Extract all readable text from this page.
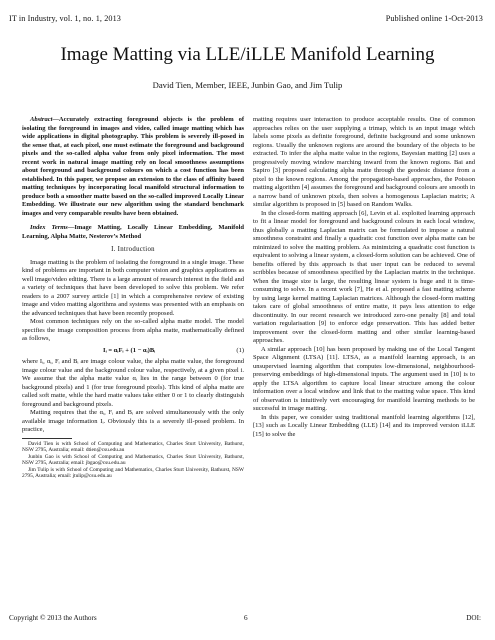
IT in Industry, vol. 1, no. 1, 2013	Published online 1-Oct-2013
Image Matting via LLE/iLLE Manifold Learning
David Tien, Member, IEEE, Junbin Gao, and Jim Tulip

Abstract—Accurately extracting foreground objects is the problem of isolating the foreground in images and video, called image matting which has wide applications in digital photography. This problem is severely ill-posed in the sense that, at each pixel, one must estimate the foreground and background pixels and the so-called alpha value from only pixel information. The most recent work in natural image matting rely on local smoothness assumptions about foreground and background colours on which a cost function has been established. In this paper, we propose an extension to the class of affinity based matting techniques by incorporating local manifold structural information to produce both a smoother matte based on the so-called improved Locally Linear Embedding. We illustrate our new algorithm using the standard benchmark images and very comparable results have been obtained.

Index Terms—Image Matting, Locally Linear Embedding, Manifold Learning, Alpha Matte, Nesterov’s Method

I. Introduction

Image matting is the problem of isolating the foreground in a single image. These kind of problems are important in both computer vision and graphics applications as well image/video editing. There is a large amount of research interest in the field and a variety of techniques that have been developed to solve this problem. We refer readers to a 2007 survey article [1] in which a comprehensive review of existing image and video matting algorithms and systems was presented with an emphasis on the advanced techniques that have been recently proposed.

Most common techniques rely on the so-called alpha matte model. The model specifies the image composition process from alpha matte, mathematically defined as follows,

Iᵢ = αᵢFᵢ + (1 − αᵢ)Bᵢ	(1)

where Iᵢ, αᵢ, Fᵢ and Bᵢ are image colour value, the alpha matte value, the foreground image colour value and the background colour value, respectively, at a given pixel i. We assume that the alpha matte value αᵢ lies in the range between 0 (for true background pixels) and 1 (for true foreground pixels). This kind of alpha matte are called soft matte, while the hard matte values take either 0 or 1 to clearly distinguish foreground and background pixels.

Matting requires that the αᵢ, Fᵢ and Bᵢ are solved simultaneously with the only available image information Iᵢ. Obviously this is a severely ill-posed problem. In practice,

David Tien is with School of Computing and Mathematics, Charles Sturt University, Bathurst, NSW 2795, Australia; email: dtien@csu.edu.au

Junbin Gao is with School of Computing and Mathematics, Charles Sturt University, Bathurst, NSW 2795, Australia; email: jbgao@csu.edu.au

Jim Tulip is with School of Computing and Mathematics, Charles Sturt University, Bathurst, NSW 2795, Australia; email: jtulip@csu.edu.au

matting requires user interaction to produce acceptable results. One of common approaches relies on the user supplying a trimap, which is an input image which labels some pixels as definite foreground, definite background and some unknown regions. Usually the unknown regions are around the boundary of the objects to be extracted. To infer the alpha matte value in the regions, Bayesian matting [2] uses a progressively moving window marching inward from the known regions. Bai and Sapiro [3] proposed calculating alpha matte through the geodesic distance from a pixel to the known regions. Among the propagation-based approaches, the Poisson matting algorithm [4] assumes the foreground and background colours are smooth in a narrow band of unknown pixels, then solves a homogenous Laplacian matrix; A similar algorithm is proposed in [5] based on Random Walks.

In the closed-form matting approach [6], Levin et al. exploited learning approach to fit a linear model for foreground and background colours in each local window, thus globally a matting Laplacian matrix can be formulated to impose a natural smoothness constraint and finally a quadratic cost function over alpha matte can be minimized to solve the matting problem. As minimizing a quadratic cost function is equivalent to solving a linear system, a closed-form solution can be achieved. One of benefits offered by this approach is that user input can be reduced to several scribbles because of smoothness specified by the Laplacian matrix in the technique. When the image size is large, the resulting linear system is huge and it is time-consuming to solve. In a recent work [7], He et al. proposed a fast matting scheme by using large kernel matting Laplacian matrices. Although the closed-form matting takes care of global smoothness of entire matte, it pays less attention to edge discontinuity. In our recent research we introduced zero-one penalty [8] and total variation regularisation [9] to enforce edge preservation. This has added better improvement over the closed-form matting and other similar learning-based approaches.

A similar approach [10] has been proposed by making use of the Local Tangent Space Alignment (LTSA) [11]. LTSA, as a manifold learning approach, is an unsupervised learning algorithm that computes low-dimensional, neighbourhood-preserving embeddings of high-dimensional inputs. The argument used in [10] is to apply the LTSA algorithm to capture local linear structure among the colour information over a local window and link that to the matting value space. This kind of observation is intuitively vert encouraging for manifold learning methods to be successful in image matting.

In this paper, we consider using traditional manifold learning algorithms [12], [13] such as Locally Linear Embedding (LLE) [14] and its improved version iLLE [15] to solve the

Copyright © 2013 the Authors	6	DOI:
